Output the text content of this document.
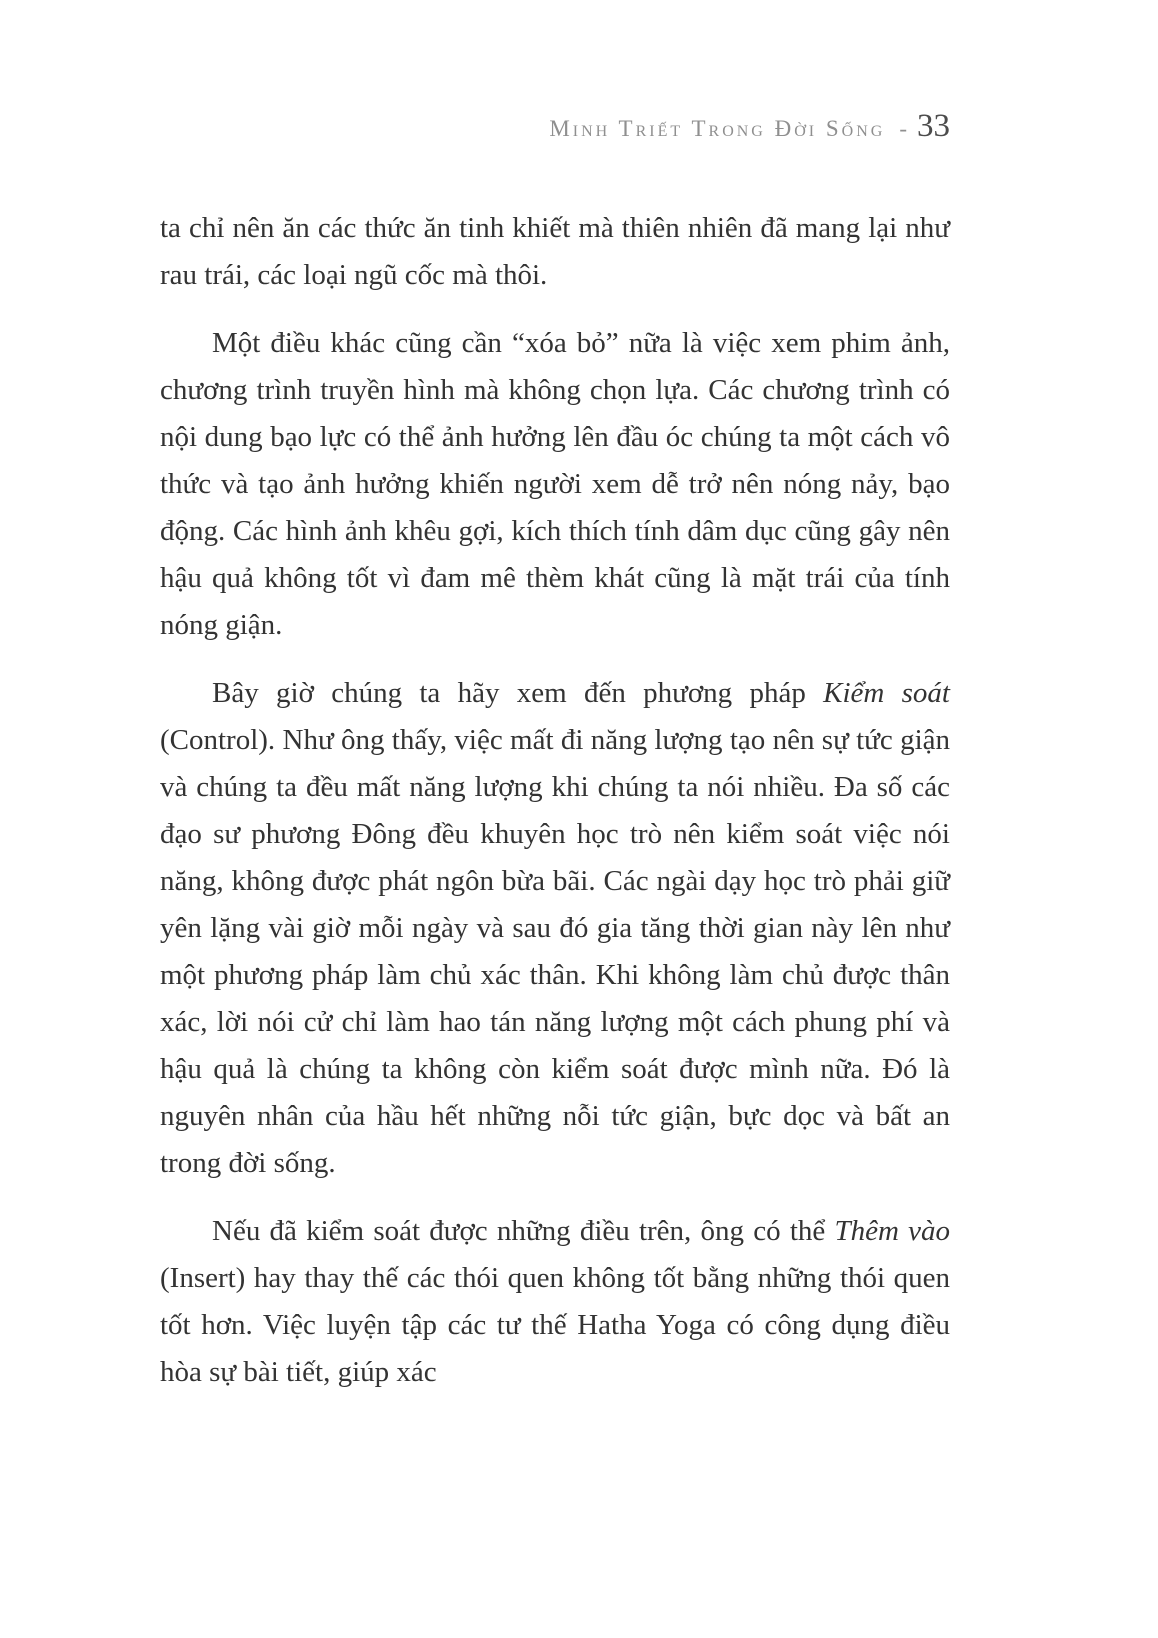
Minh Triết Trong Đời Sống - 33

ta chỉ nên ăn các thức ăn tinh khiết mà thiên nhiên đã mang lại như rau trái, các loại ngũ cốc mà thôi.

Một điều khác cũng cần “xóa bỏ” nữa là việc xem phim ảnh, chương trình truyền hình mà không chọn lựa. Các chương trình có nội dung bạo lực có thể ảnh hưởng lên đầu óc chúng ta một cách vô thức và tạo ảnh hưởng khiến người xem dễ trở nên nóng nảy, bạo động. Các hình ảnh khêu gợi, kích thích tính dâm dục cũng gây nên hậu quả không tốt vì đam mê thèm khát cũng là mặt trái của tính nóng giận.

Bây giờ chúng ta hãy xem đến phương pháp Kiểm soát (Control). Như ông thấy, việc mất đi năng lượng tạo nên sự tức giận và chúng ta đều mất năng lượng khi chúng ta nói nhiều. Đa số các đạo sư phương Đông đều khuyên học trò nên kiểm soát việc nói năng, không được phát ngôn bừa bãi. Các ngài dạy học trò phải giữ yên lặng vài giờ mỗi ngày và sau đó gia tăng thời gian này lên như một phương pháp làm chủ xác thân. Khi không làm chủ được thân xác, lời nói cử chỉ làm hao tán năng lượng một cách phung phí và hậu quả là chúng ta không còn kiểm soát được mình nữa. Đó là nguyên nhân của hầu hết những nỗi tức giận, bực dọc và bất an trong đời sống.

Nếu đã kiểm soát được những điều trên, ông có thể Thêm vào (Insert) hay thay thế các thói quen không tốt bằng những thói quen tốt hơn. Việc luyện tập các tư thế Hatha Yoga có công dụng điều hòa sự bài tiết, giúp xác
